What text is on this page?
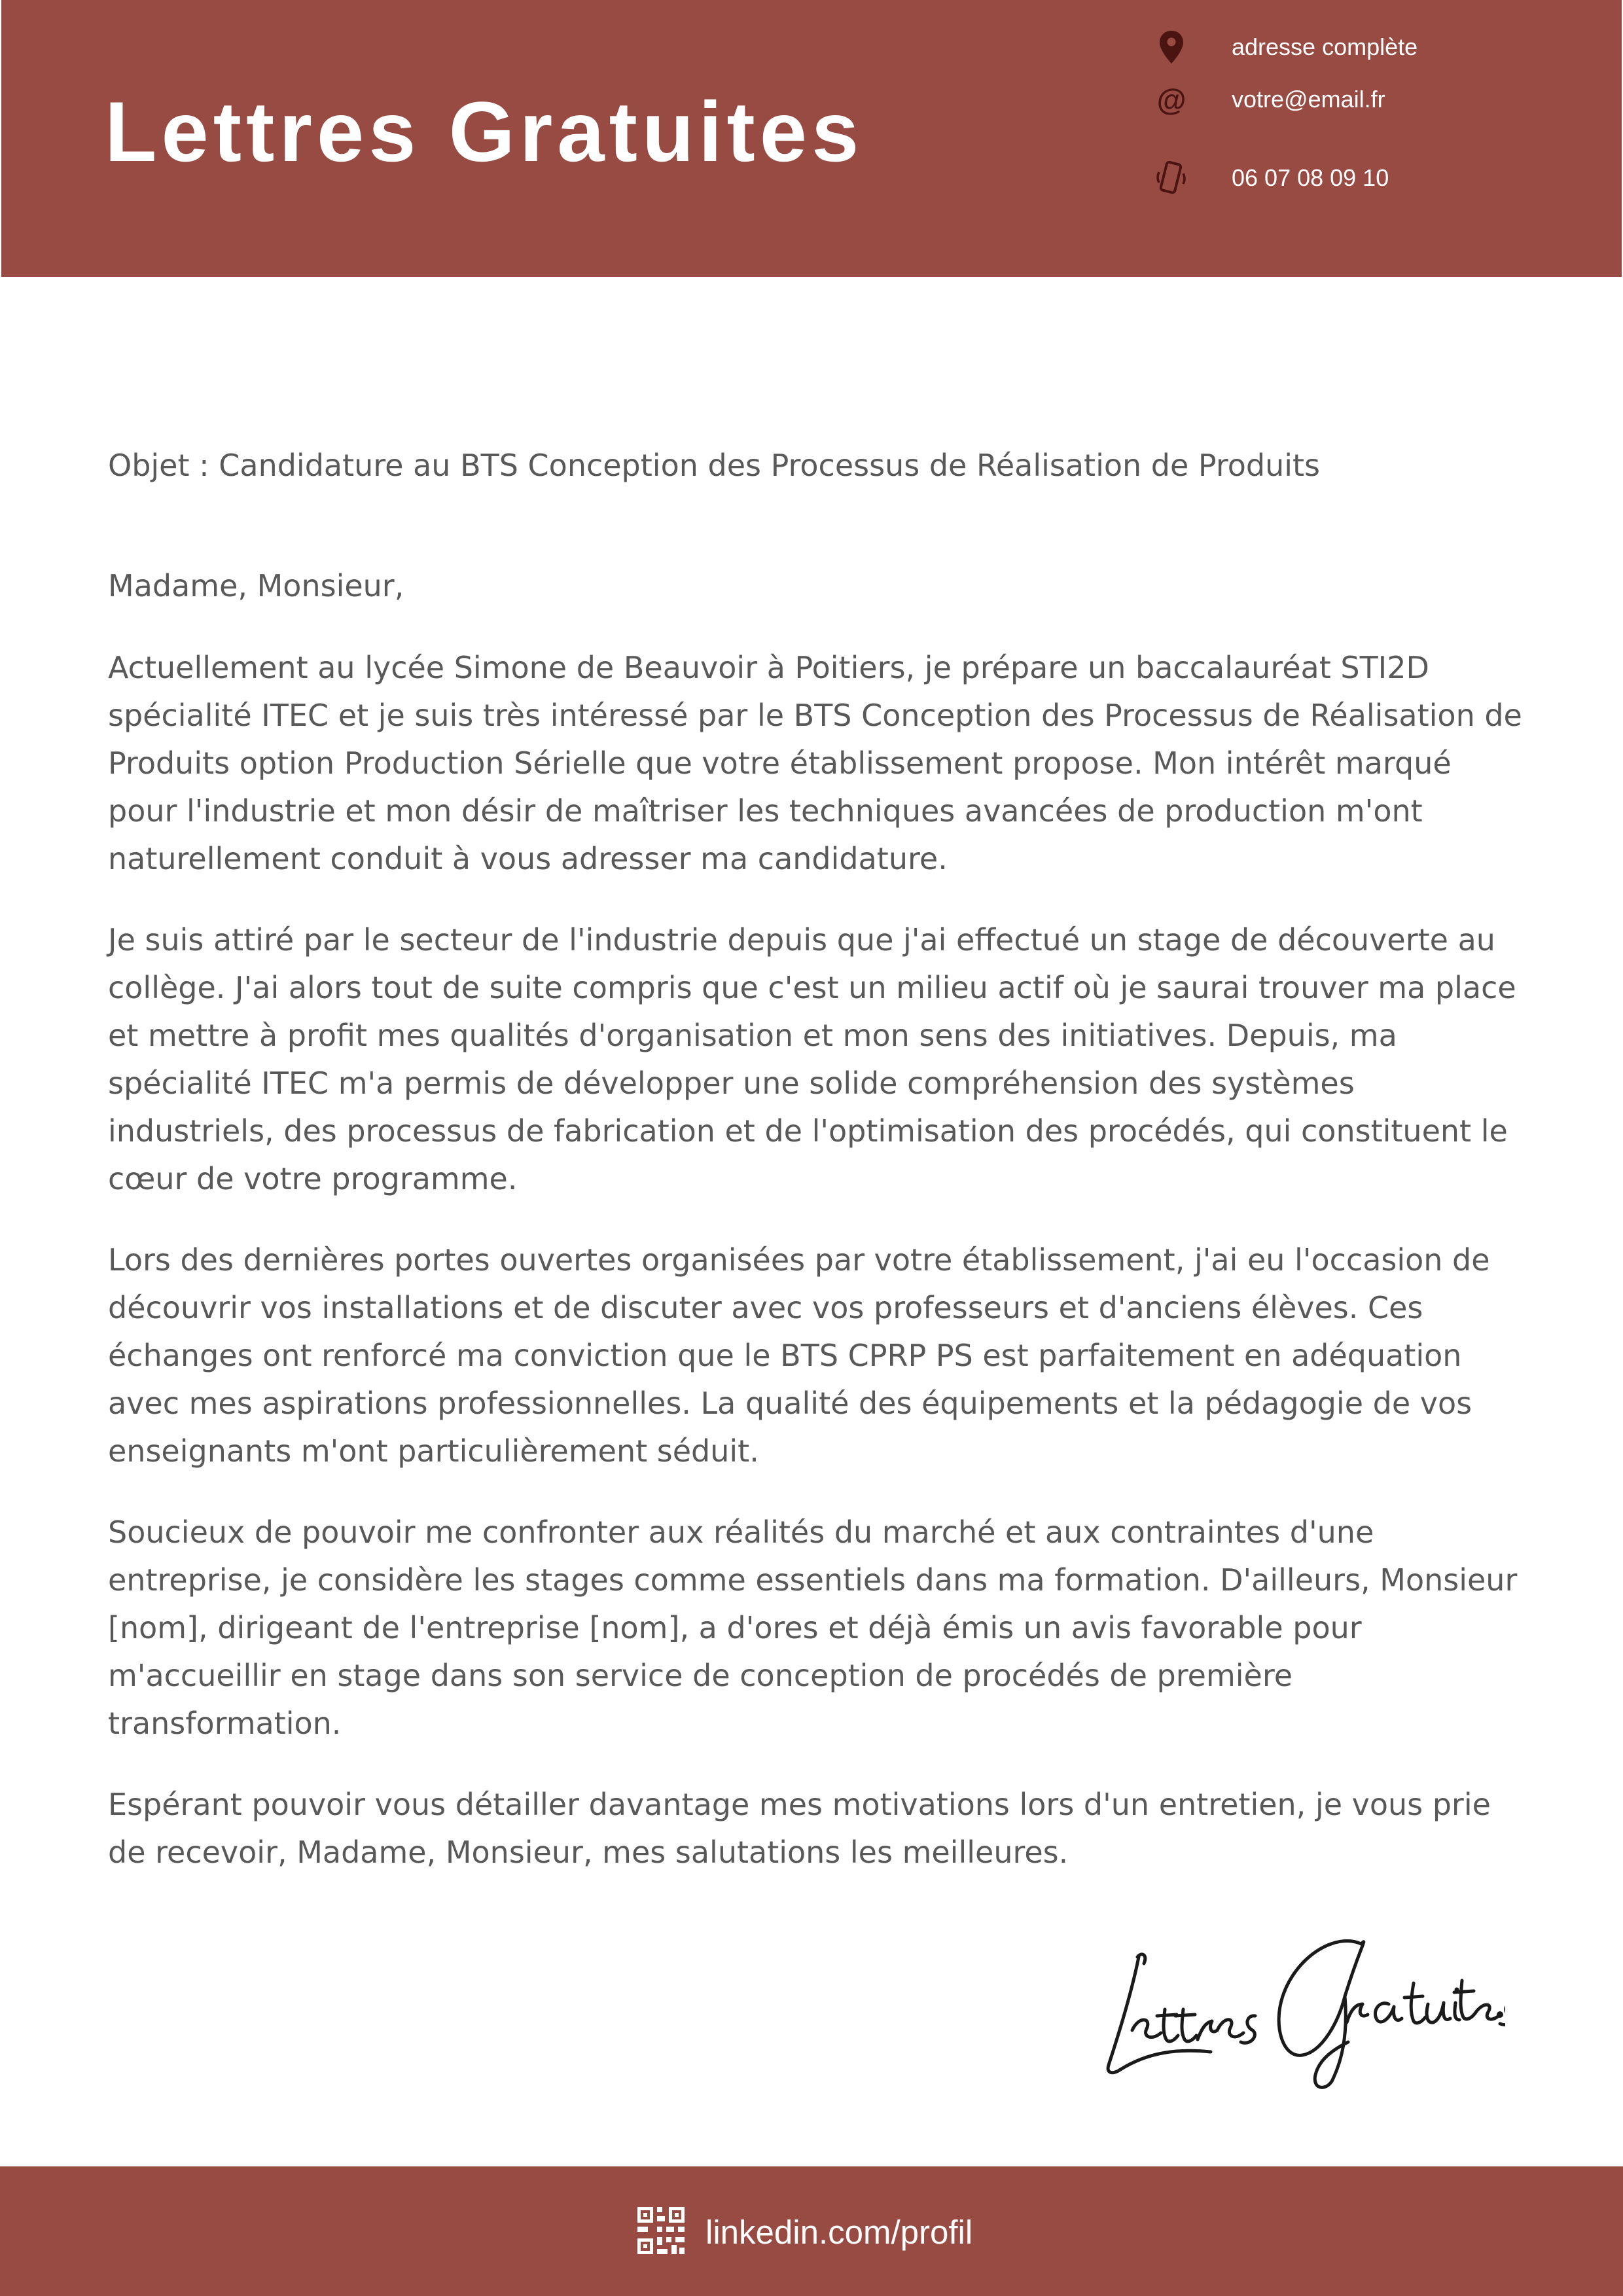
Lettres Gratuites
adresse complète
@ votre@email.fr
06 07 08 09 10
Objet : Candidature au BTS Conception des Processus de Réalisation de Produits
Madame, Monsieur,

Actuellement au lycée Simone de Beauvoir à Poitiers, je prépare un baccalauréat STI2D spécialité ITEC et je suis très intéressé par le BTS Conception des Processus de Réalisation de Produits option Production Sérielle que votre établissement propose. Mon intérêt marqué pour l'industrie et mon désir de maîtriser les techniques avancées de production m'ont naturellement conduit à vous adresser ma candidature.

Je suis attiré par le secteur de l'industrie depuis que j'ai effectué un stage de découverte au collège. J'ai alors tout de suite compris que c'est un milieu actif où je saurai trouver ma place et mettre à profit mes qualités d'organisation et mon sens des initiatives. Depuis, ma spécialité ITEC m'a permis de développer une solide compréhension des systèmes industriels, des processus de fabrication et de l'optimisation des procédés, qui constituent le cœur de votre programme.

Lors des dernières portes ouvertes organisées par votre établissement, j'ai eu l'occasion de découvrir vos installations et de discuter avec vos professeurs et d'anciens élèves. Ces échanges ont renforcé ma conviction que le BTS CPRP PS est parfaitement en adéquation avec mes aspirations professionnelles. La qualité des équipements et la pédagogie de vos enseignants m'ont particulièrement séduit.

Soucieux de pouvoir me confronter aux réalités du marché et aux contraintes d'une entreprise, je considère les stages comme essentiels dans ma formation. D'ailleurs, Monsieur [nom], dirigeant de l'entreprise [nom], a d'ores et déjà émis un avis favorable pour m'accueillir en stage dans son service de conception de procédés de première transformation.

Espérant pouvoir vous détailler davantage mes motivations lors d'un entretien, je vous prie de recevoir, Madame, Monsieur, mes salutations les meilleures.

linkedin.com/profil
